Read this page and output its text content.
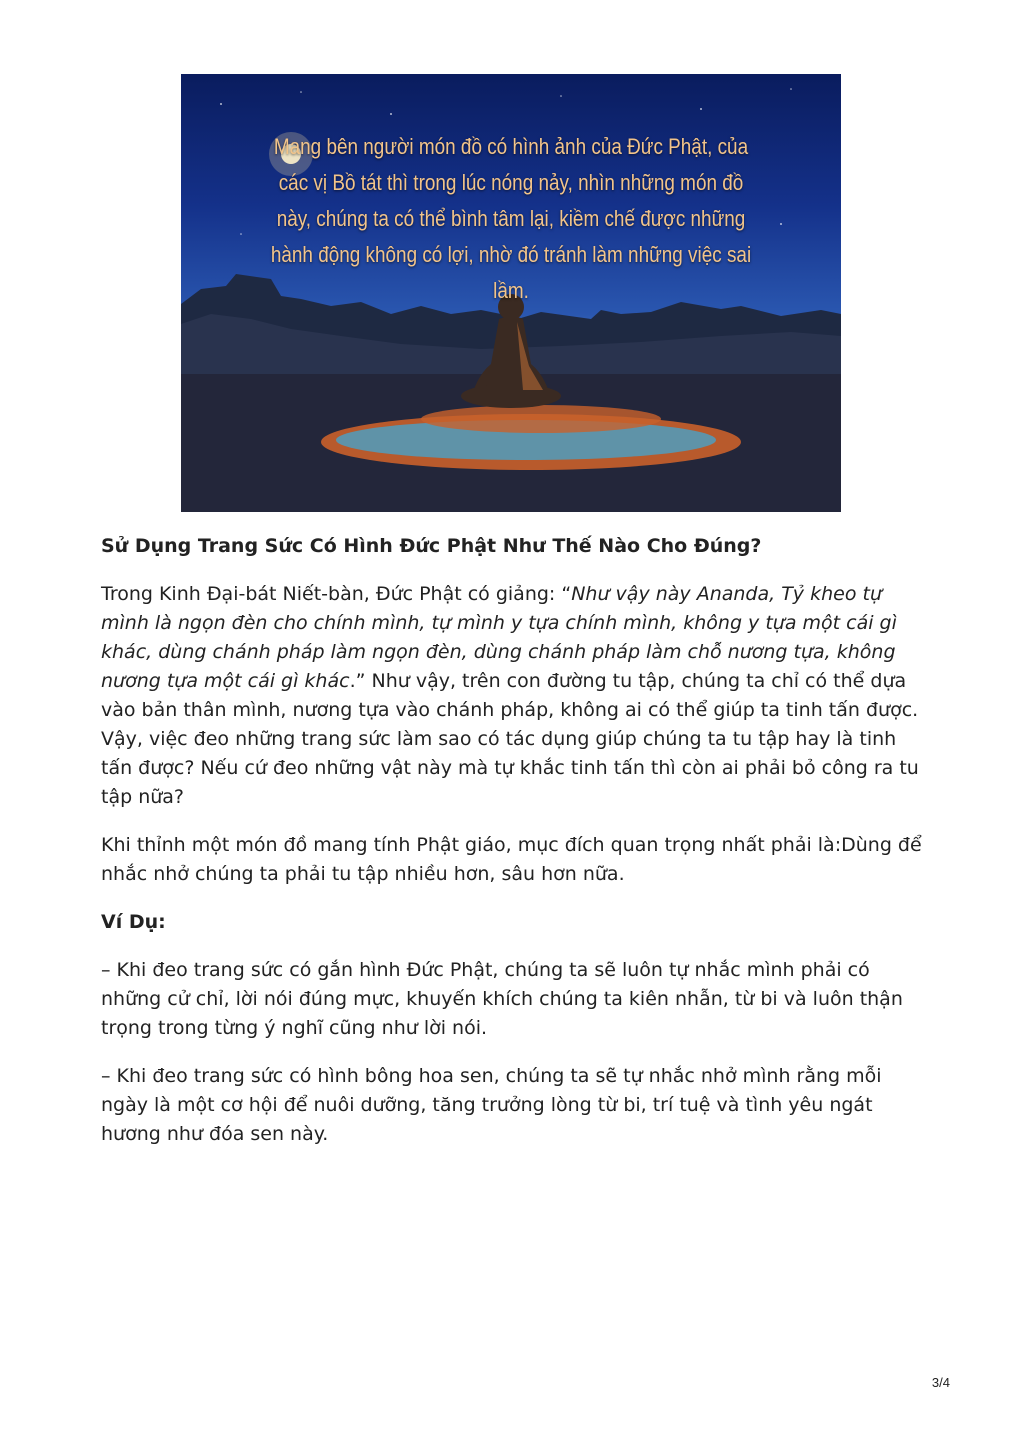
Mang bên người món đồ có hình ảnh của Đức Phật, của các vị Bồ tát thì trong lúc nóng nảy, nhìn những món đồ này, chúng ta có thể bình tâm lại, kiềm chế được những hành động không có lợi, nhờ đó tránh làm những việc sai lầm.
Sử Dụng Trang Sức Có Hình Đức Phật Như Thế Nào Cho Đúng?

Trong Kinh Đại-bát Niết-bàn, Đức Phật có giảng: “Như vậy này Ananda, Tỷ kheo tự mình là ngọn đèn cho chính mình, tự mình y tựa chính mình, không y tựa một cái gì khác, dùng chánh pháp làm ngọn đèn, dùng chánh pháp làm chỗ nương tựa, không nương tựa một cái gì khác.” Như vậy, trên con đường tu tập, chúng ta chỉ có thể dựa vào bản thân mình, nương tựa vào chánh pháp, không ai có thể giúp ta tinh tấn được. Vậy, việc đeo những trang sức làm sao có tác dụng giúp chúng ta tu tập hay là tinh tấn được? Nếu cứ đeo những vật này mà tự khắc tinh tấn thì còn ai phải bỏ công ra tu tập nữa?

Khi thỉnh một món đồ mang tính Phật giáo, mục đích quan trọng nhất phải là:Dùng để nhắc nhở chúng ta phải tu tập nhiều hơn, sâu hơn nữa.

Ví Dụ:

– Khi đeo trang sức có gắn hình Đức Phật, chúng ta sẽ luôn tự nhắc mình phải có những cử chỉ, lời nói đúng mực, khuyến khích chúng ta kiên nhẫn, từ bi và luôn thận trọng trong từng ý nghĩ cũng như lời nói.

– Khi đeo trang sức có hình bông hoa sen, chúng ta sẽ tự nhắc nhở mình rằng mỗi ngày là một cơ hội để nuôi dưỡng, tăng trưởng lòng từ bi, trí tuệ và tình yêu ngát hương như đóa sen này.

3/4
